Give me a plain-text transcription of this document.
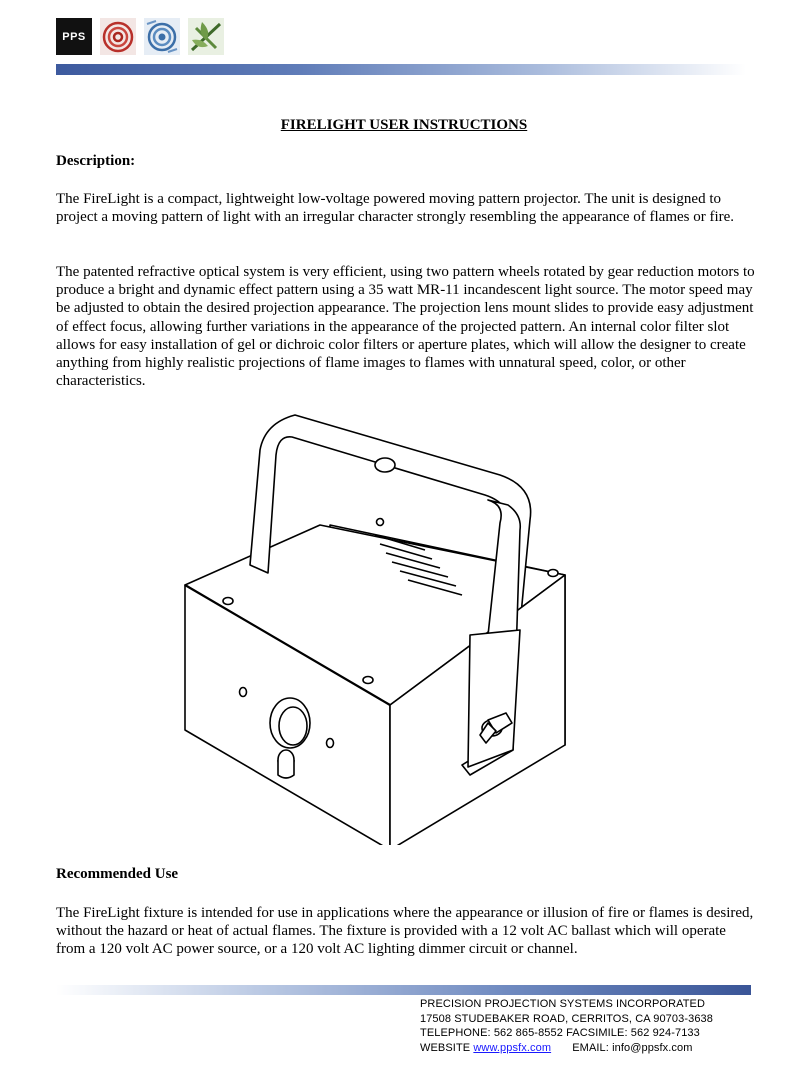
PPS
FIRELIGHT USER INSTRUCTIONS
Description:
The FireLight is a compact, lightweight low-voltage powered moving pattern projector. The unit is designed to project a moving pattern of light with an irregular character strongly resembling the appearance of flames or fire.
The patented refractive optical system is very efficient, using two pattern wheels rotated by gear reduction motors to produce a bright and dynamic effect pattern using a 35 watt MR-11 incandescent light source. The motor speed may be adjusted to obtain the desired projection appearance. The projection lens mount slides to provide easy adjustment of effect focus, allowing further variations in the appearance of the projected pattern. An internal color filter slot allows for easy installation of gel or dichroic color filters or aperture plates, which will allow the designer to create anything from highly realistic projections of flame images to flames with unnatural speed, color, or other characteristics.
Recommended Use
The FireLight fixture is intended for use in applications where the appearance or illusion of fire or flames is desired, without the hazard or heat of actual flames. The fixture is provided with a 12 volt AC ballast which will operate from a 120 volt AC power source, or a 120 volt AC lighting dimmer circuit or channel.
PRECISION PROJECTION SYSTEMS INCORPORATED
17508 STUDEBAKER ROAD, CERRITOS, CA 90703-3638
TELEPHONE: 562 865-8552 FACSIMILE: 562 924-7133
WEBSITE www.ppsfx.com EMAIL: info@ppsfx.com
